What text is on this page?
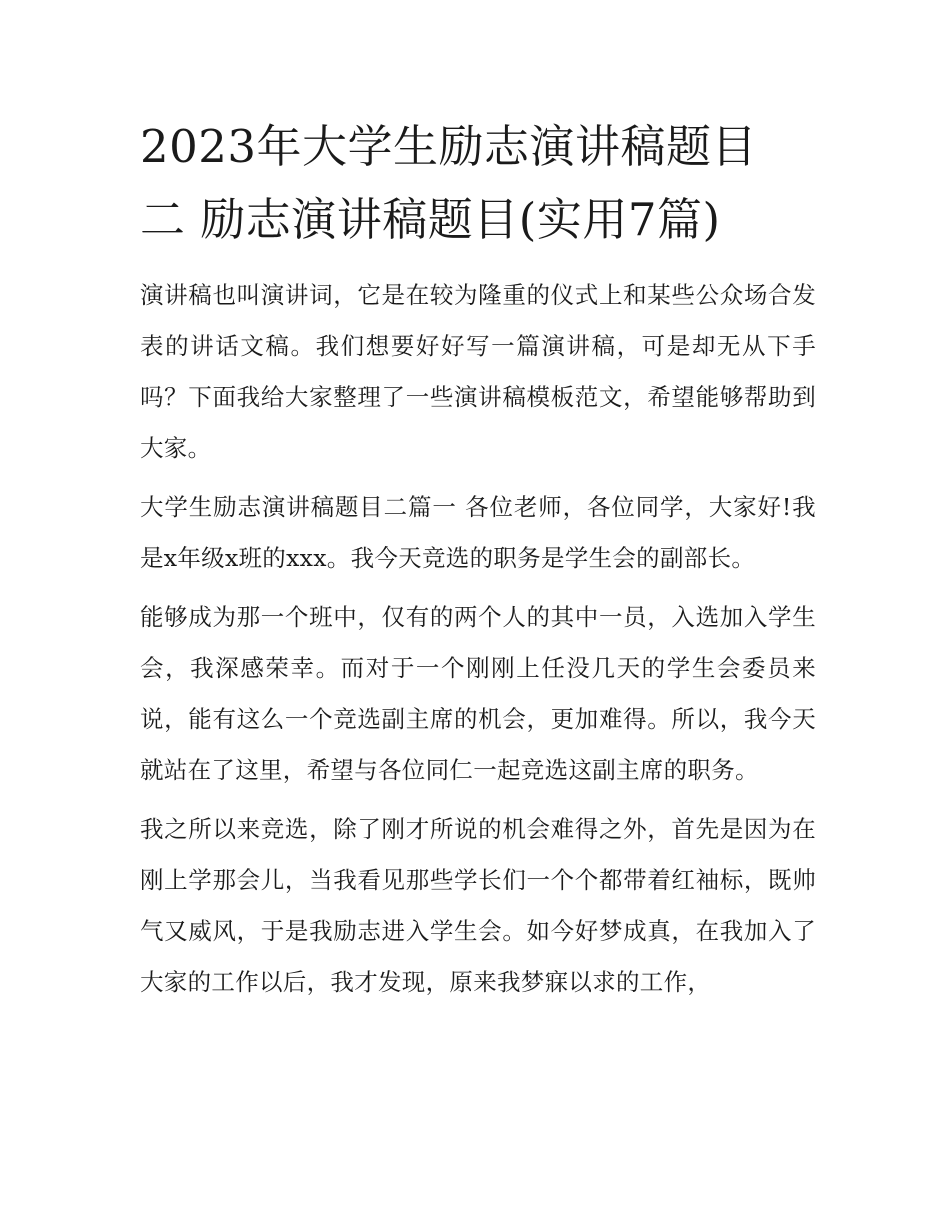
2023年大学生励志演讲稿题目
二 励志演讲稿题目(实用7篇)

演讲稿也叫演讲词，它是在较为隆重的仪式上和某些公众场合发表的讲话文稿。我们想要好好写一篇演讲稿，可是却无从下手吗？下面我给大家整理了一些演讲稿模板范文，希望能够帮助到大家。

大学生励志演讲稿题目二篇一 各位老师，各位同学，大家好!我是x年级x班的xxx。我今天竞选的职务是学生会的副部长。

能够成为那一个班中，仅有的两个人的其中一员，入选加入学生会，我深感荣幸。而对于一个刚刚上任没几天的学生会委员来说，能有这么一个竞选副主席的机会，更加难得。所以，我今天就站在了这里，希望与各位同仁一起竞选这副主席的职务。

我之所以来竞选，除了刚才所说的机会难得之外，首先是因为在刚上学那会儿，当我看见那些学长们一个个都带着红袖标，既帅气又威风，于是我励志进入学生会。如今好梦成真，在我加入了大家的工作以后，我才发现，原来我梦寐以求的工作，
